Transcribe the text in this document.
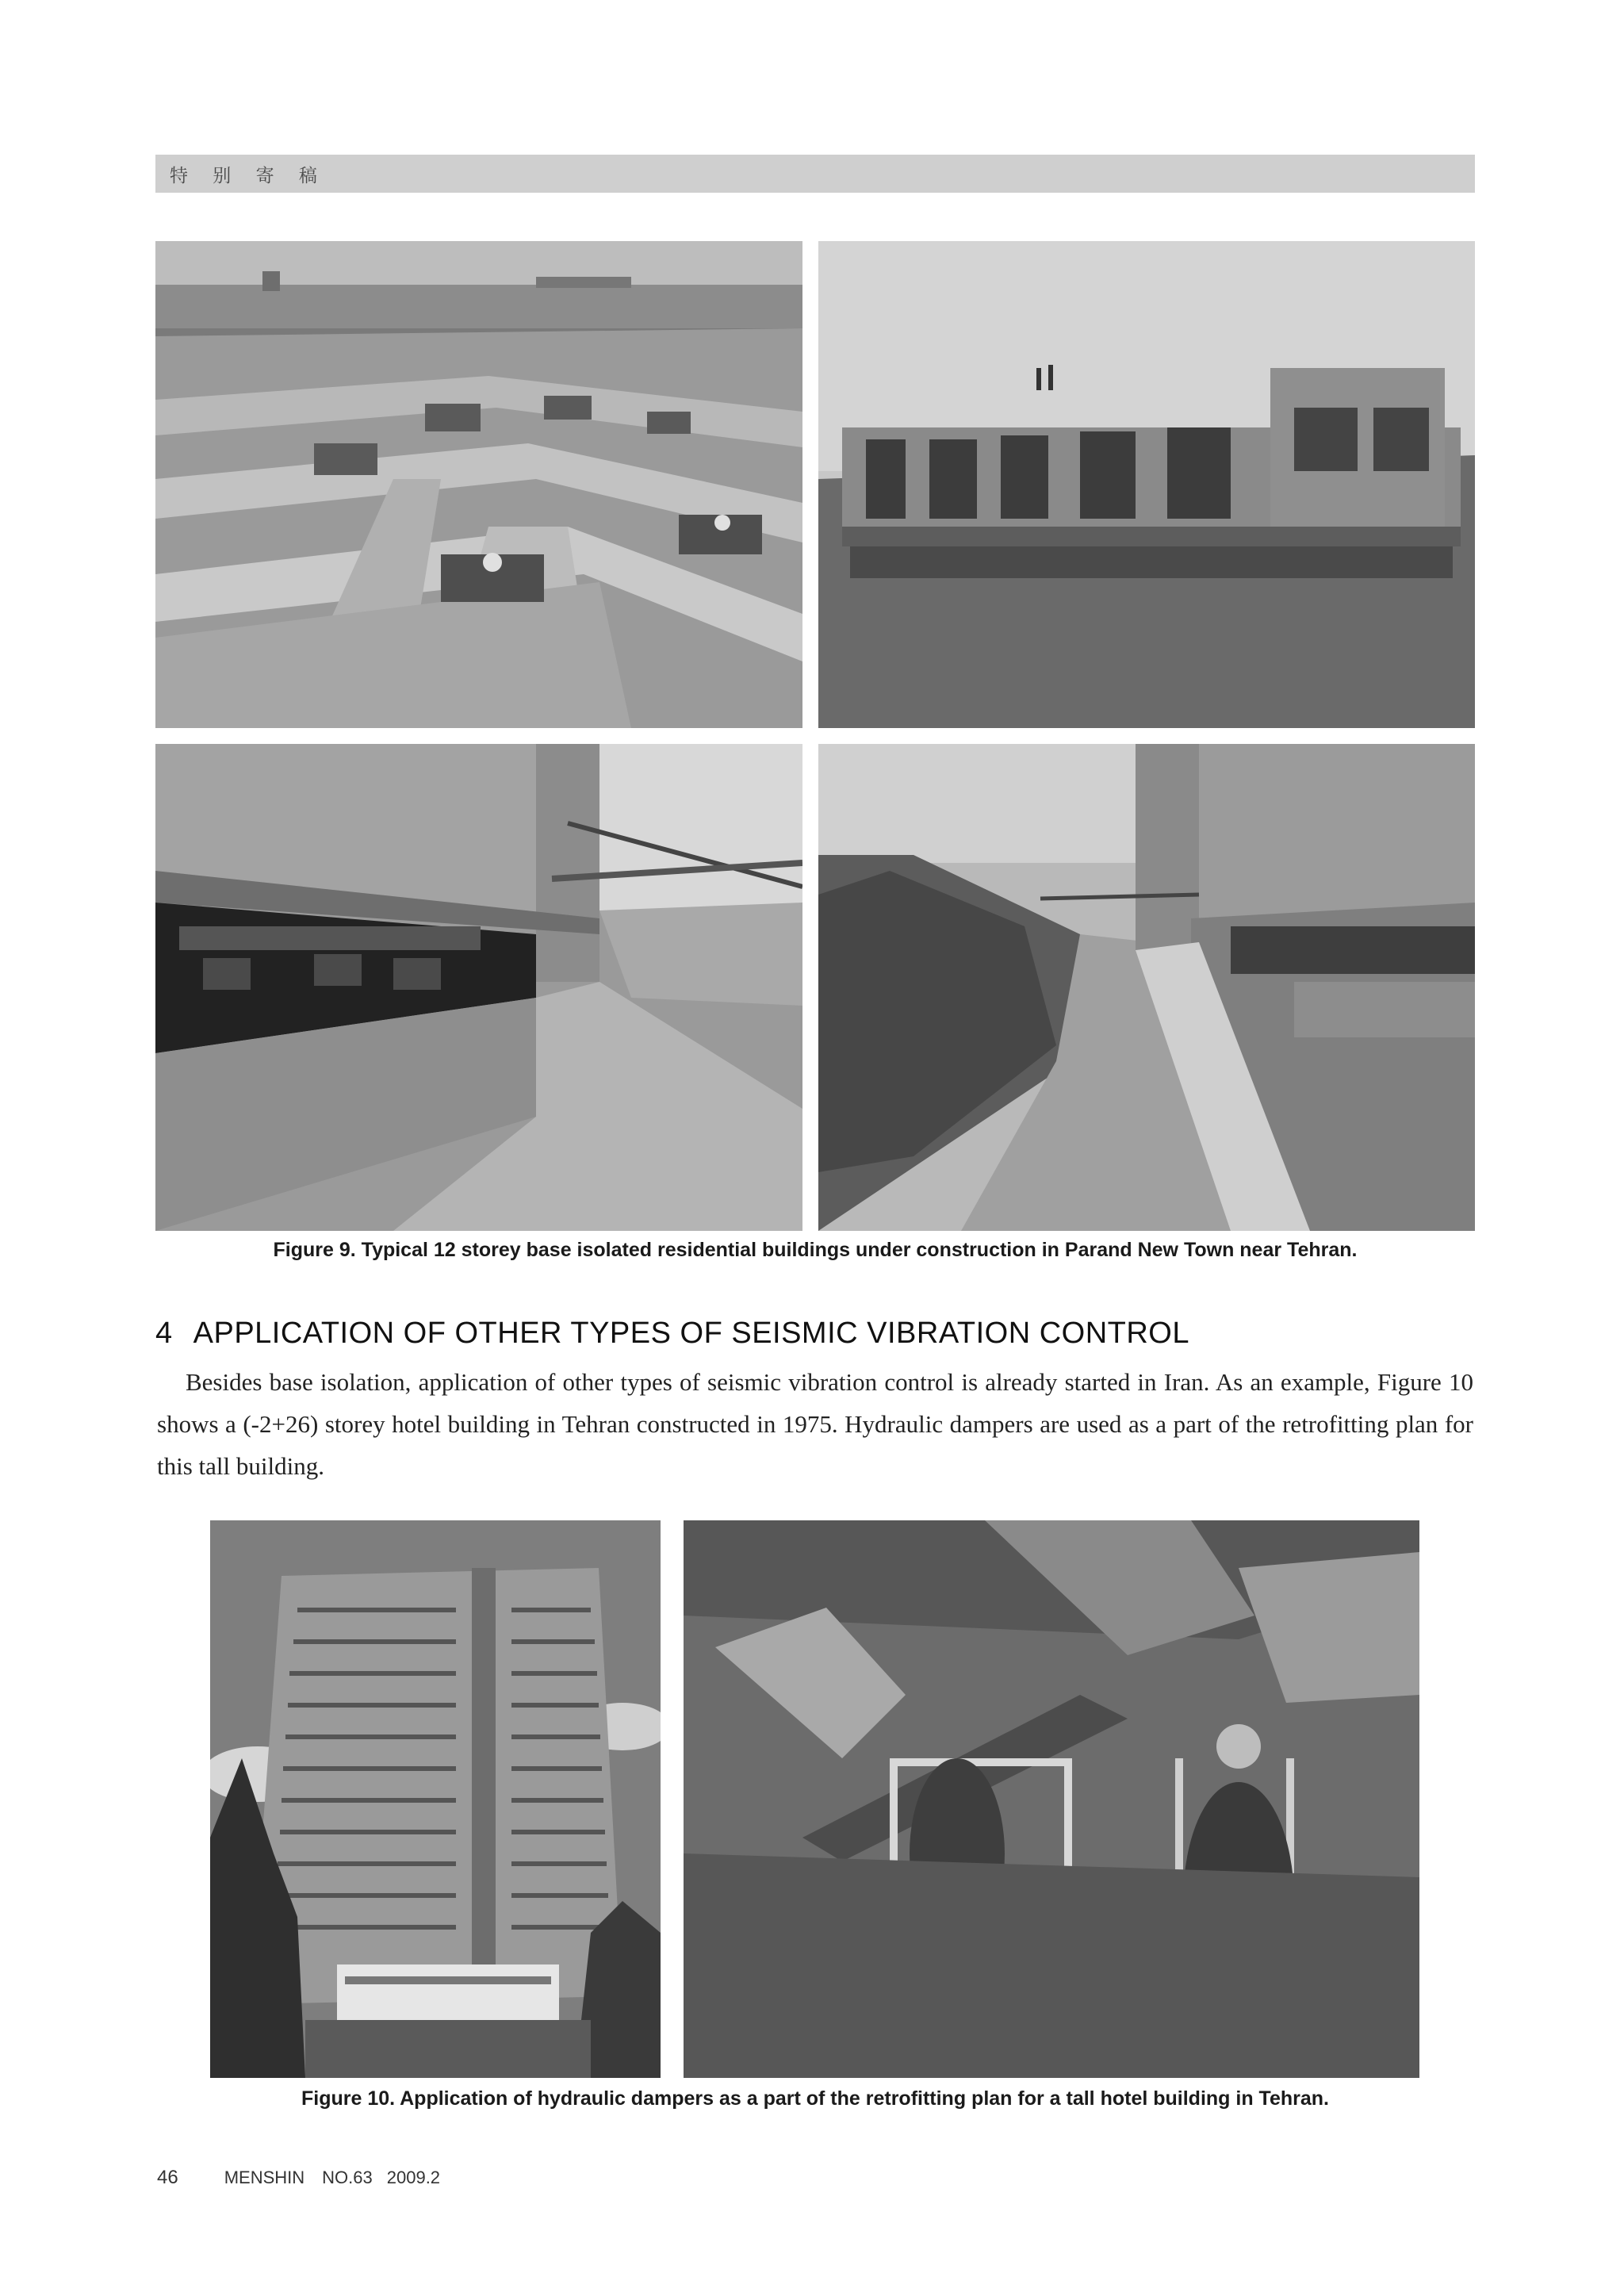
特 别 寄 稿
Figure 9. Typical 12 storey base isolated residential buildings under construction in Parand New Town near Tehran.
4 APPLICATION OF OTHER TYPES OF SEISMIC VIBRATION CONTROL

Besides base isolation, application of other types of seismic vibration control is already started in Iran. As an example, Figure 10 shows a (-2+26) storey hotel building in Tehran constructed in 1975. Hydraulic dampers are used as a part of the retrofitting plan for this tall building.

Figure 10. Application of hydraulic dampers as a part of the retrofitting plan for a tall hotel building in Tehran.
46	MENSHIN NO.63 2009.2
